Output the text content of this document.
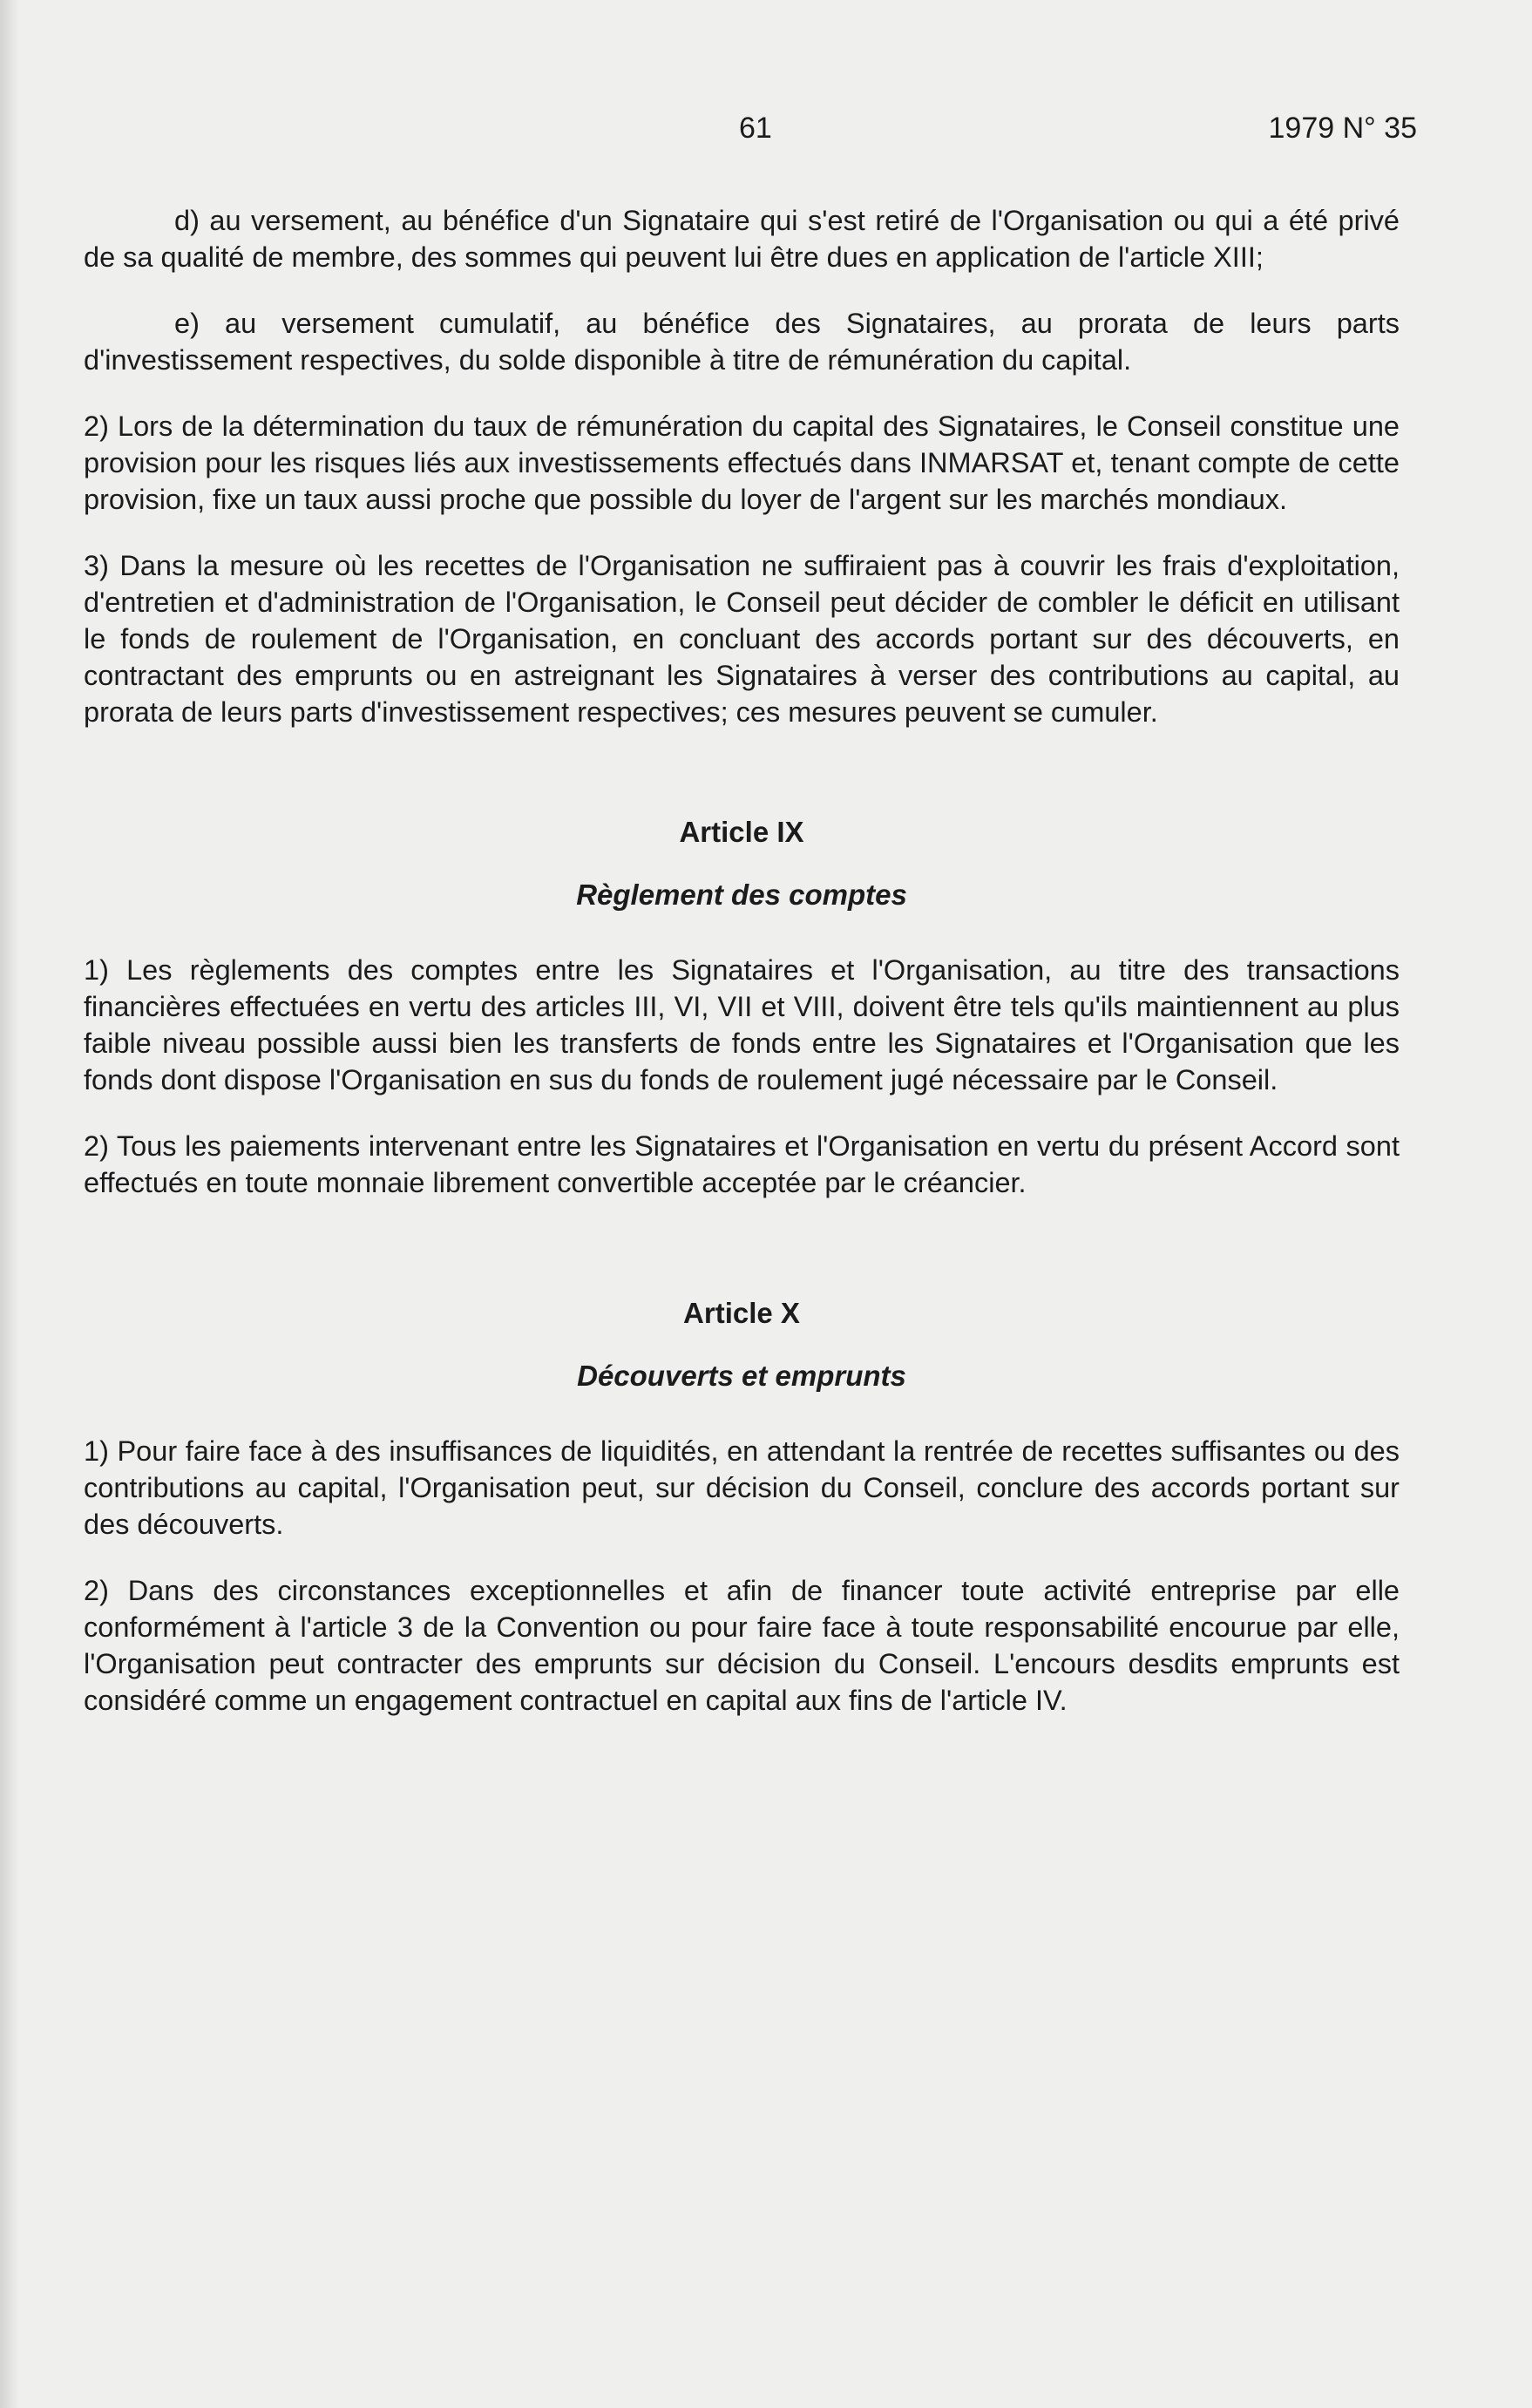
61	1979 N° 35

d) au versement, au bénéfice d'un Signataire qui s'est retiré de l'Organisation ou qui a été privé de sa qualité de membre, des sommes qui peuvent lui être dues en application de l'article XIII;

e) au versement cumulatif, au bénéfice des Signataires, au prorata de leurs parts d'investissement respectives, du solde disponible à titre de rémunération du capital.

2) Lors de la détermination du taux de rémunération du capital des Signataires, le Conseil constitue une provision pour les risques liés aux investissements effectués dans INMARSAT et, tenant compte de cette provision, fixe un taux aussi proche que possible du loyer de l'argent sur les marchés mondiaux.

3) Dans la mesure où les recettes de l'Organisation ne suffiraient pas à couvrir les frais d'exploitation, d'entretien et d'administration de l'Organisation, le Conseil peut décider de combler le déficit en utilisant le fonds de roulement de l'Organisation, en concluant des accords portant sur des découverts, en contractant des emprunts ou en astreignant les Signataires à verser des contributions au capital, au prorata de leurs parts d'investissement respectives; ces mesures peuvent se cumuler.

Article IX
Règlement des comptes

1) Les règlements des comptes entre les Signataires et l'Organisation, au titre des transactions financières effectuées en vertu des articles III, VI, VII et VIII, doivent être tels qu'ils maintiennent au plus faible niveau possible aussi bien les transferts de fonds entre les Signataires et l'Organisation que les fonds dont dispose l'Organisation en sus du fonds de roulement jugé nécessaire par le Conseil.

2) Tous les paiements intervenant entre les Signataires et l'Organisation en vertu du présent Accord sont effectués en toute monnaie librement convertible acceptée par le créancier.

Article X
Découverts et emprunts

1) Pour faire face à des insuffisances de liquidités, en attendant la rentrée de recettes suffisantes ou des contributions au capital, l'Organisation peut, sur décision du Conseil, conclure des accords portant sur des découverts.

2) Dans des circonstances exceptionnelles et afin de financer toute activité entreprise par elle conformément à l'article 3 de la Convention ou pour faire face à toute responsabilité encourue par elle, l'Organisation peut contracter des emprunts sur décision du Conseil. L'encours desdits emprunts est considéré comme un engagement contractuel en capital aux fins de l'article IV.
